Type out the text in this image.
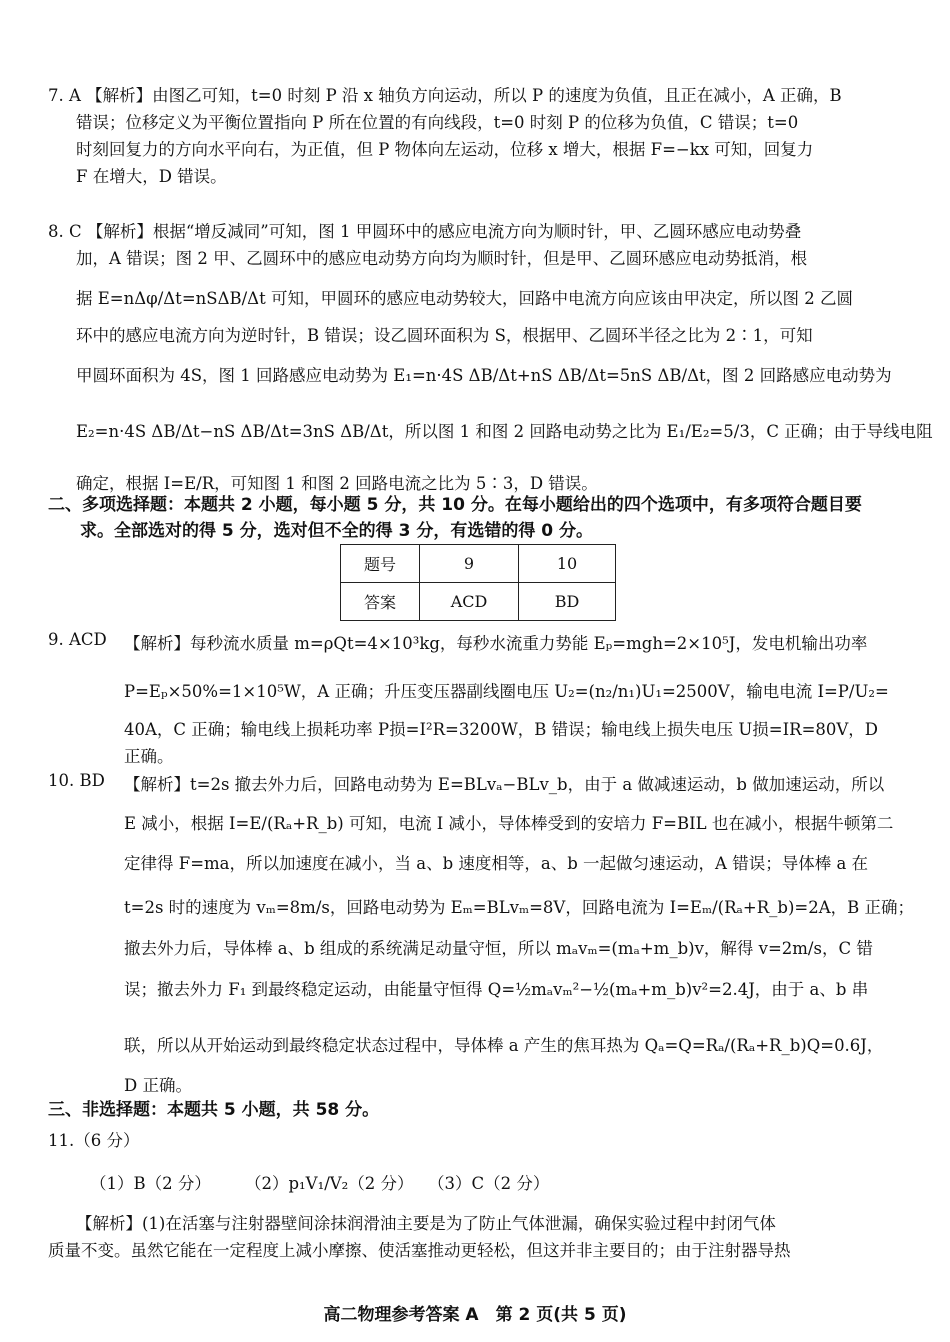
7. A 【解析】由图乙可知，t=0 时刻 P 沿 x 轴负方向运动，所以 P 的速度为负值，且正在减小，A 正确，B
错误；位移定义为平衡位置指向 P 所在位置的有向线段，t=0 时刻 P 的位移为负值，C 错误；t=0
时刻回复力的方向水平向右，为正值，但 P 物体向左运动，位移 x 增大，根据 F=−kx 可知，回复力
F 在增大，D 错误。
8. C 【解析】根据“增反减同”可知，图 1 甲圆环中的感应电流方向为顺时针，甲、乙圆环感应电动势叠
加，A 错误；图 2 甲、乙圆环中的感应电动势方向均为顺时针，但是甲、乙圆环感应电动势抵消，根
据 E=nΔφ/Δt=nSΔB/Δt 可知，甲圆环的感应电动势较大，回路中电流方向应该由甲决定，所以图 2 乙圆
环中的感应电流方向为逆时针，B 错误；设乙圆环面积为 S，根据甲、乙圆环半径之比为 2∶1，可知
甲圆环面积为 4S，图 1 回路感应电动势为 E₁=n·4S ΔB/Δt+nS ΔB/Δt=5nS ΔB/Δt，图 2 回路感应电动势为
E₂=n·4S ΔB/Δt−nS ΔB/Δt=3nS ΔB/Δt，所以图 1 和图 2 回路电动势之比为 E₁/E₂=5/3，C 正确；由于导线电阻
确定，根据 I=E/R，可知图 1 和图 2 回路电流之比为 5∶3，D 错误。
二、多项选择题：本题共 2 小题，每小题 5 分，共 10 分。在每小题给出的四个选项中，有多项符合题目要
求。全部选对的得 5 分，选对但不全的得 3 分，有选错的得 0 分。
题号	9	10
答案	ACD	BD
9. ACD 【解析】每秒流水质量 m=ρQt=4×10³kg，每秒水流重力势能 Eₚ=mgh=2×10⁵J，发电机输出功率
P=Eₚ×50%=1×10⁵W，A 正确；升压变压器副线圈电压 U₂=(n₂/n₁)U₁=2500V，输电电流 I=P/U₂=
40A，C 正确；输电线上损耗功率 P损=I²R=3200W，B 错误；输电线上损失电压 U损=IR=80V，D
正确。
10. BD 【解析】t=2s 撤去外力后，回路电动势为 E=BLvₐ−BLv_b，由于 a 做减速运动，b 做加速运动，所以
E 减小，根据 I=E/(Rₐ+R_b) 可知，电流 I 减小，导体棒受到的安培力 F=BIL 也在减小，根据牛顿第二
定律得 F=ma，所以加速度在减小，当 a、b 速度相等，a、b 一起做匀速运动，A 错误；导体棒 a 在
t=2s 时的速度为 vₘ=8m/s，回路电动势为 Eₘ=BLvₘ=8V，回路电流为 I=Eₘ/(Rₐ+R_b)=2A，B 正确；
撤去外力后，导体棒 a、b 组成的系统满足动量守恒，所以 mₐvₘ=(mₐ+m_b)v，解得 v=2m/s，C 错
误；撤去外力 F₁ 到最终稳定运动，由能量守恒得 Q=½mₐvₘ²−½(mₐ+m_b)v²=2.4J，由于 a、b 串
联，所以从开始运动到最终稳定状态过程中，导体棒 a 产生的焦耳热为 Qₐ=Q=Rₐ/(Rₐ+R_b)Q=0.6J，
D 正确。
三、非选择题：本题共 5 小题，共 58 分。
11.（6 分）
（1）B（2 分） （2）p₁V₁/V₂（2 分） （3）C（2 分）
【解析】(1)在活塞与注射器壁间涂抹润滑油主要是为了防止气体泄漏，确保实验过程中封闭气体
质量不变。虽然它能在一定程度上减小摩擦、使活塞推动更轻松，但这并非主要目的；由于注射器导热
高二物理参考答案 A　第 2 页(共 5 页)
